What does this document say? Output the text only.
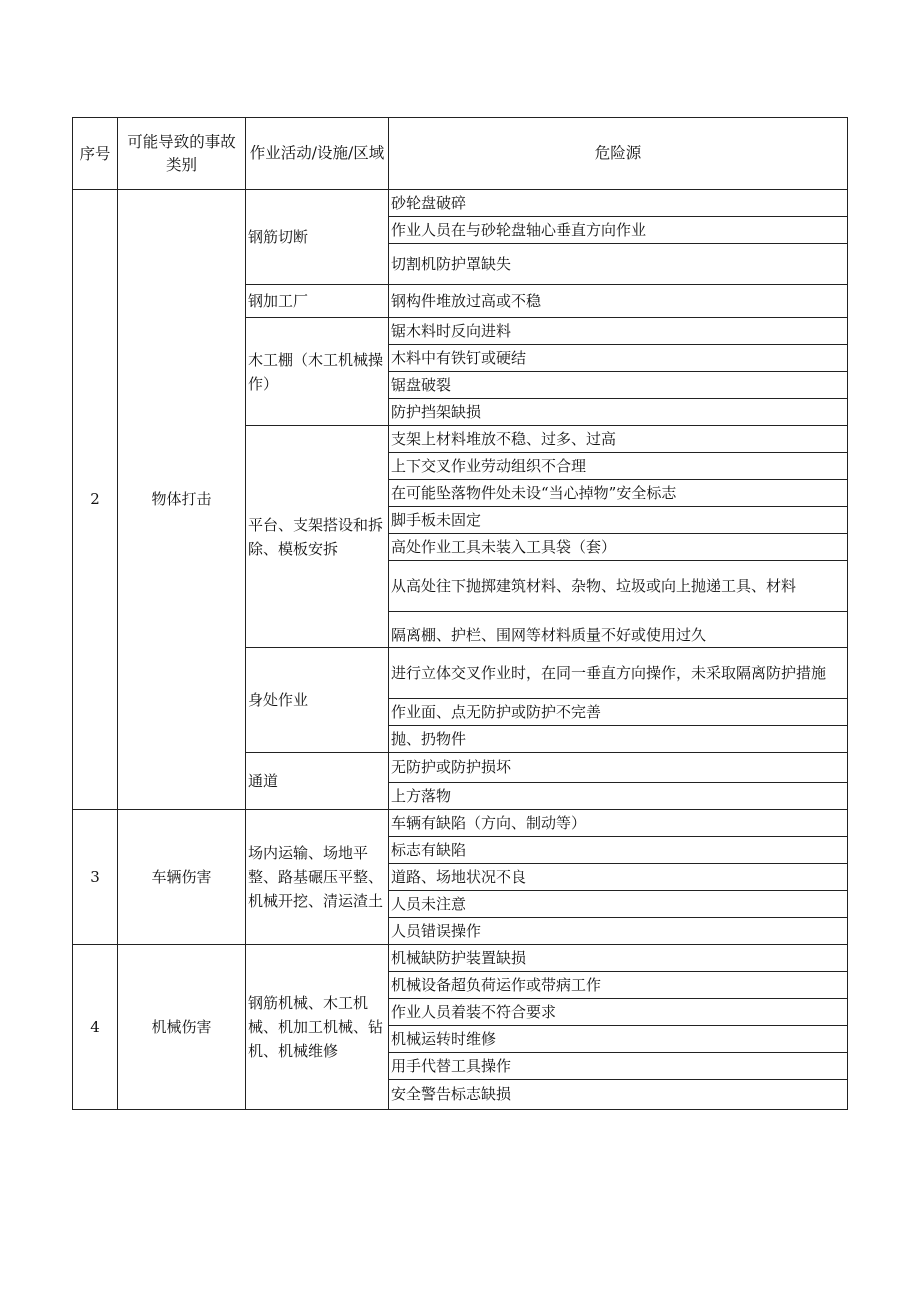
序号	可能导致的事故类别	作业活动/设施/区域	危险源
2	物体打击	钢筋切断	砂轮盘破碎
			作业人员在与砂轮盘轴心垂直方向作业
			切割机防护罩缺失
		钢加工厂	钢构件堆放过高或不稳
		木工棚（木工机械操作）	锯木料时反向进料
			木料中有铁钉或硬结
			锯盘破裂
			防护挡架缺损
		平台、支架搭设和拆除、模板安拆	支架上材料堆放不稳、过多、过高
			上下交叉作业劳动组织不合理
			在可能坠落物件处未设“当心掉物”安全标志
			脚手板未固定
			高处作业工具未装入工具袋（套）
			从高处往下抛掷建筑材料、杂物、垃圾或向上抛递工具、材料
			隔离棚、护栏、围网等材料质量不好或使用过久
		身处作业	进行立体交叉作业时，在同一垂直方向操作，未采取隔离防护措施
			作业面、点无防护或防护不完善
			抛、扔物件
		通道	无防护或防护损坏
			上方落物
3	车辆伤害	场内运输、场地平整、路基碾压平整、机械开挖、清运渣土	车辆有缺陷（方向、制动等）
			标志有缺陷
			道路、场地状况不良
			人员未注意
			人员错误操作
4	机械伤害	钢筋机械、木工机械、机加工机械、钻机、机械维修	机械缺防护装置缺损
			机械设备超负荷运作或带病工作
			作业人员着装不符合要求
			机械运转时维修
			用手代替工具操作
			安全警告标志缺损
